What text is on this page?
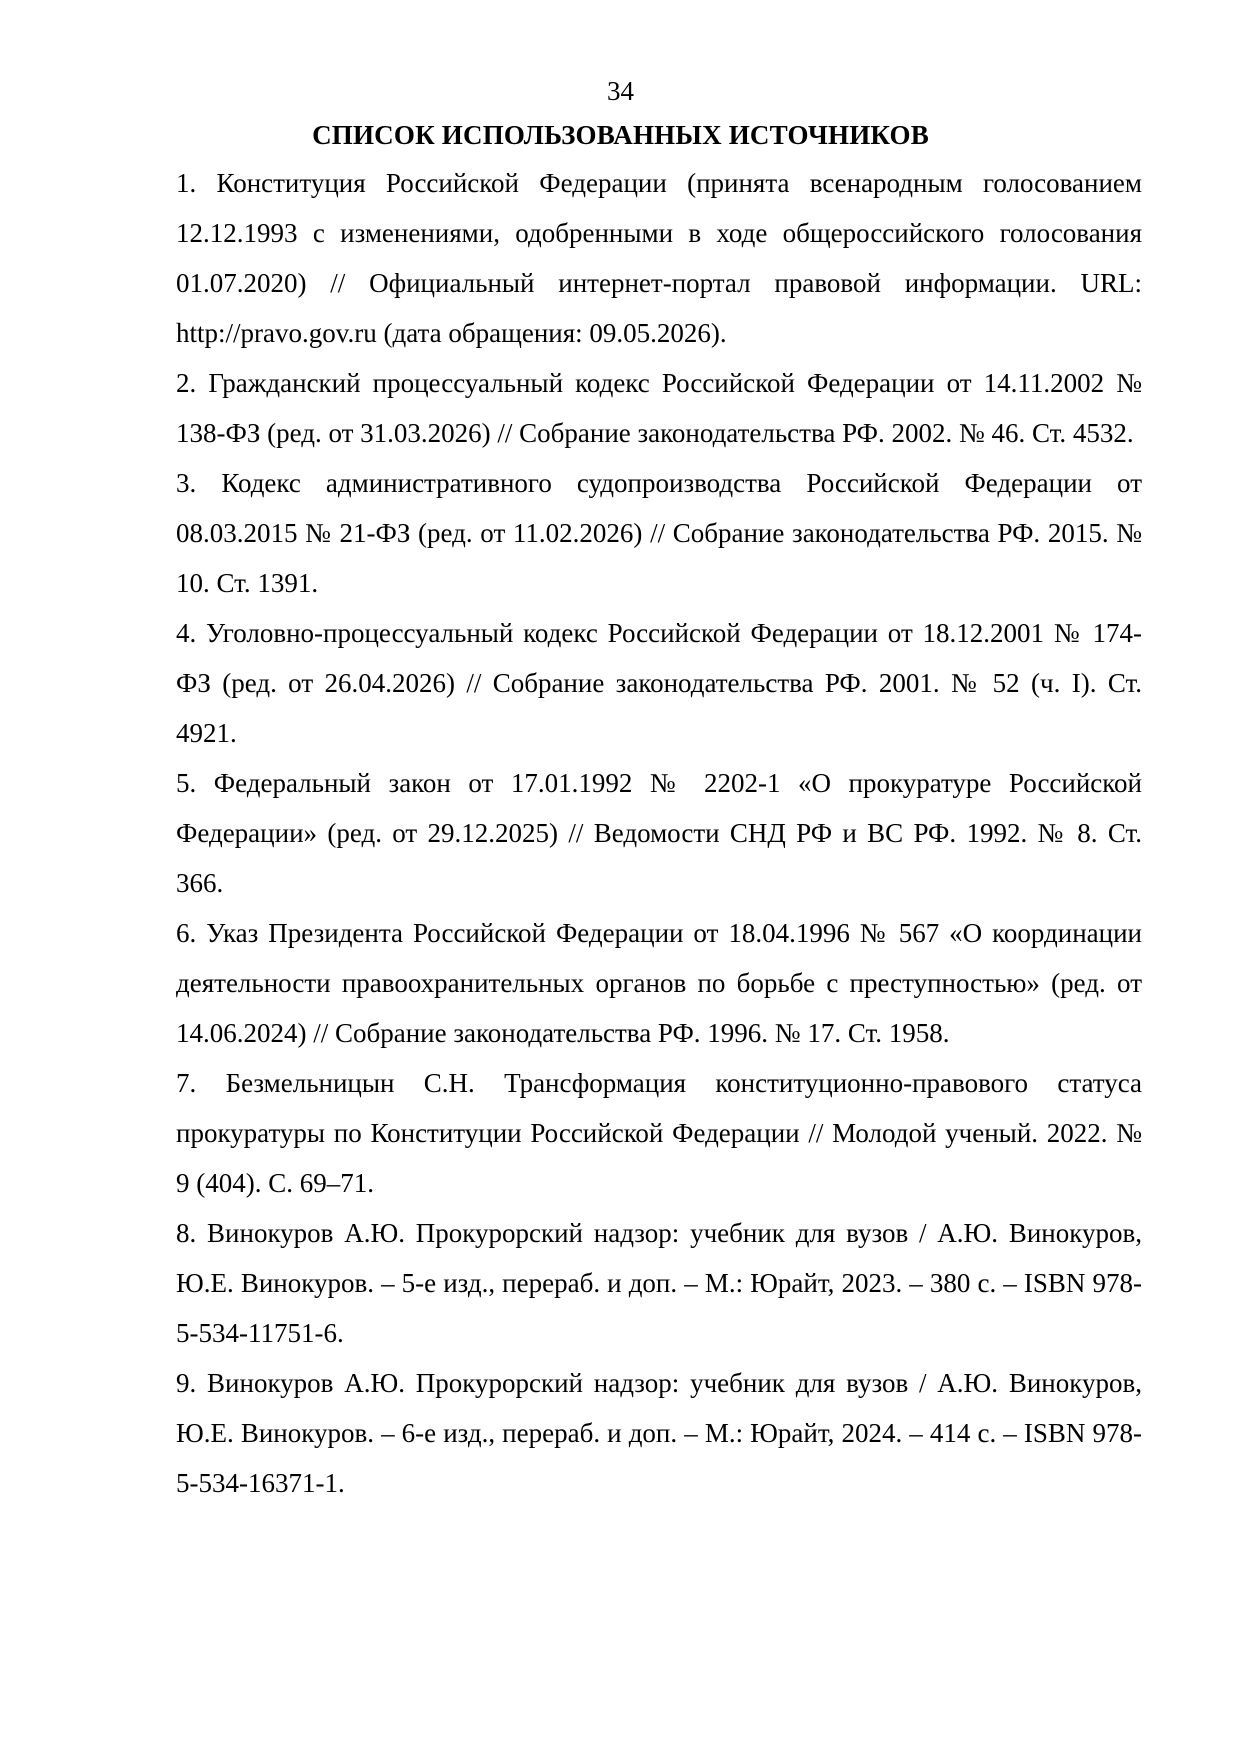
34
СПИСОК ИСПОЛЬЗОВАННЫХ ИСТОЧНИКОВ
1. Конституция Российской Федерации (принята всенародным голосованием 12.12.1993 с изменениями, одобренными в ходе общероссийского голосования 01.07.2020) // Официальный интернет-портал правовой информации. URL: http://pravo.gov.ru (дата обращения: 09.05.2026).
2. Гражданский процессуальный кодекс Российской Федерации от 14.11.2002 № 138-ФЗ (ред. от 31.03.2026) // Собрание законодательства РФ. 2002. № 46. Ст. 4532.
3. Кодекс административного судопроизводства Российской Федерации от 08.03.2015 № 21-ФЗ (ред. от 11.02.2026) // Собрание законодательства РФ. 2015. № 10. Ст. 1391.
4. Уголовно-процессуальный кодекс Российской Федерации от 18.12.2001 № 174-ФЗ (ред. от 26.04.2026) // Собрание законодательства РФ. 2001. № 52 (ч. I). Ст. 4921.
5. Федеральный закон от 17.01.1992 № 2202-1 «О прокуратуре Российской Федерации» (ред. от 29.12.2025) // Ведомости СНД РФ и ВС РФ. 1992. № 8. Ст. 366.
6. Указ Президента Российской Федерации от 18.04.1996 № 567 «О координации деятельности правоохранительных органов по борьбе с преступностью» (ред. от 14.06.2024) // Собрание законодательства РФ. 1996. № 17. Ст. 1958.
7. Безмельницын С.Н. Трансформация конституционно-правового статуса прокуратуры по Конституции Российской Федерации // Молодой ученый. 2022. № 9 (404). С. 69–71.
8. Винокуров А.Ю. Прокурорский надзор: учебник для вузов / А.Ю. Винокуров, Ю.Е. Винокуров. – 5-е изд., перераб. и доп. – М.: Юрайт, 2023. – 380 с. – ISBN 978-5-534-11751-6.
9. Винокуров А.Ю. Прокурорский надзор: учебник для вузов / А.Ю. Винокуров, Ю.Е. Винокуров. – 6-е изд., перераб. и доп. – М.: Юрайт, 2024. – 414 с. – ISBN 978-5-534-16371-1.
